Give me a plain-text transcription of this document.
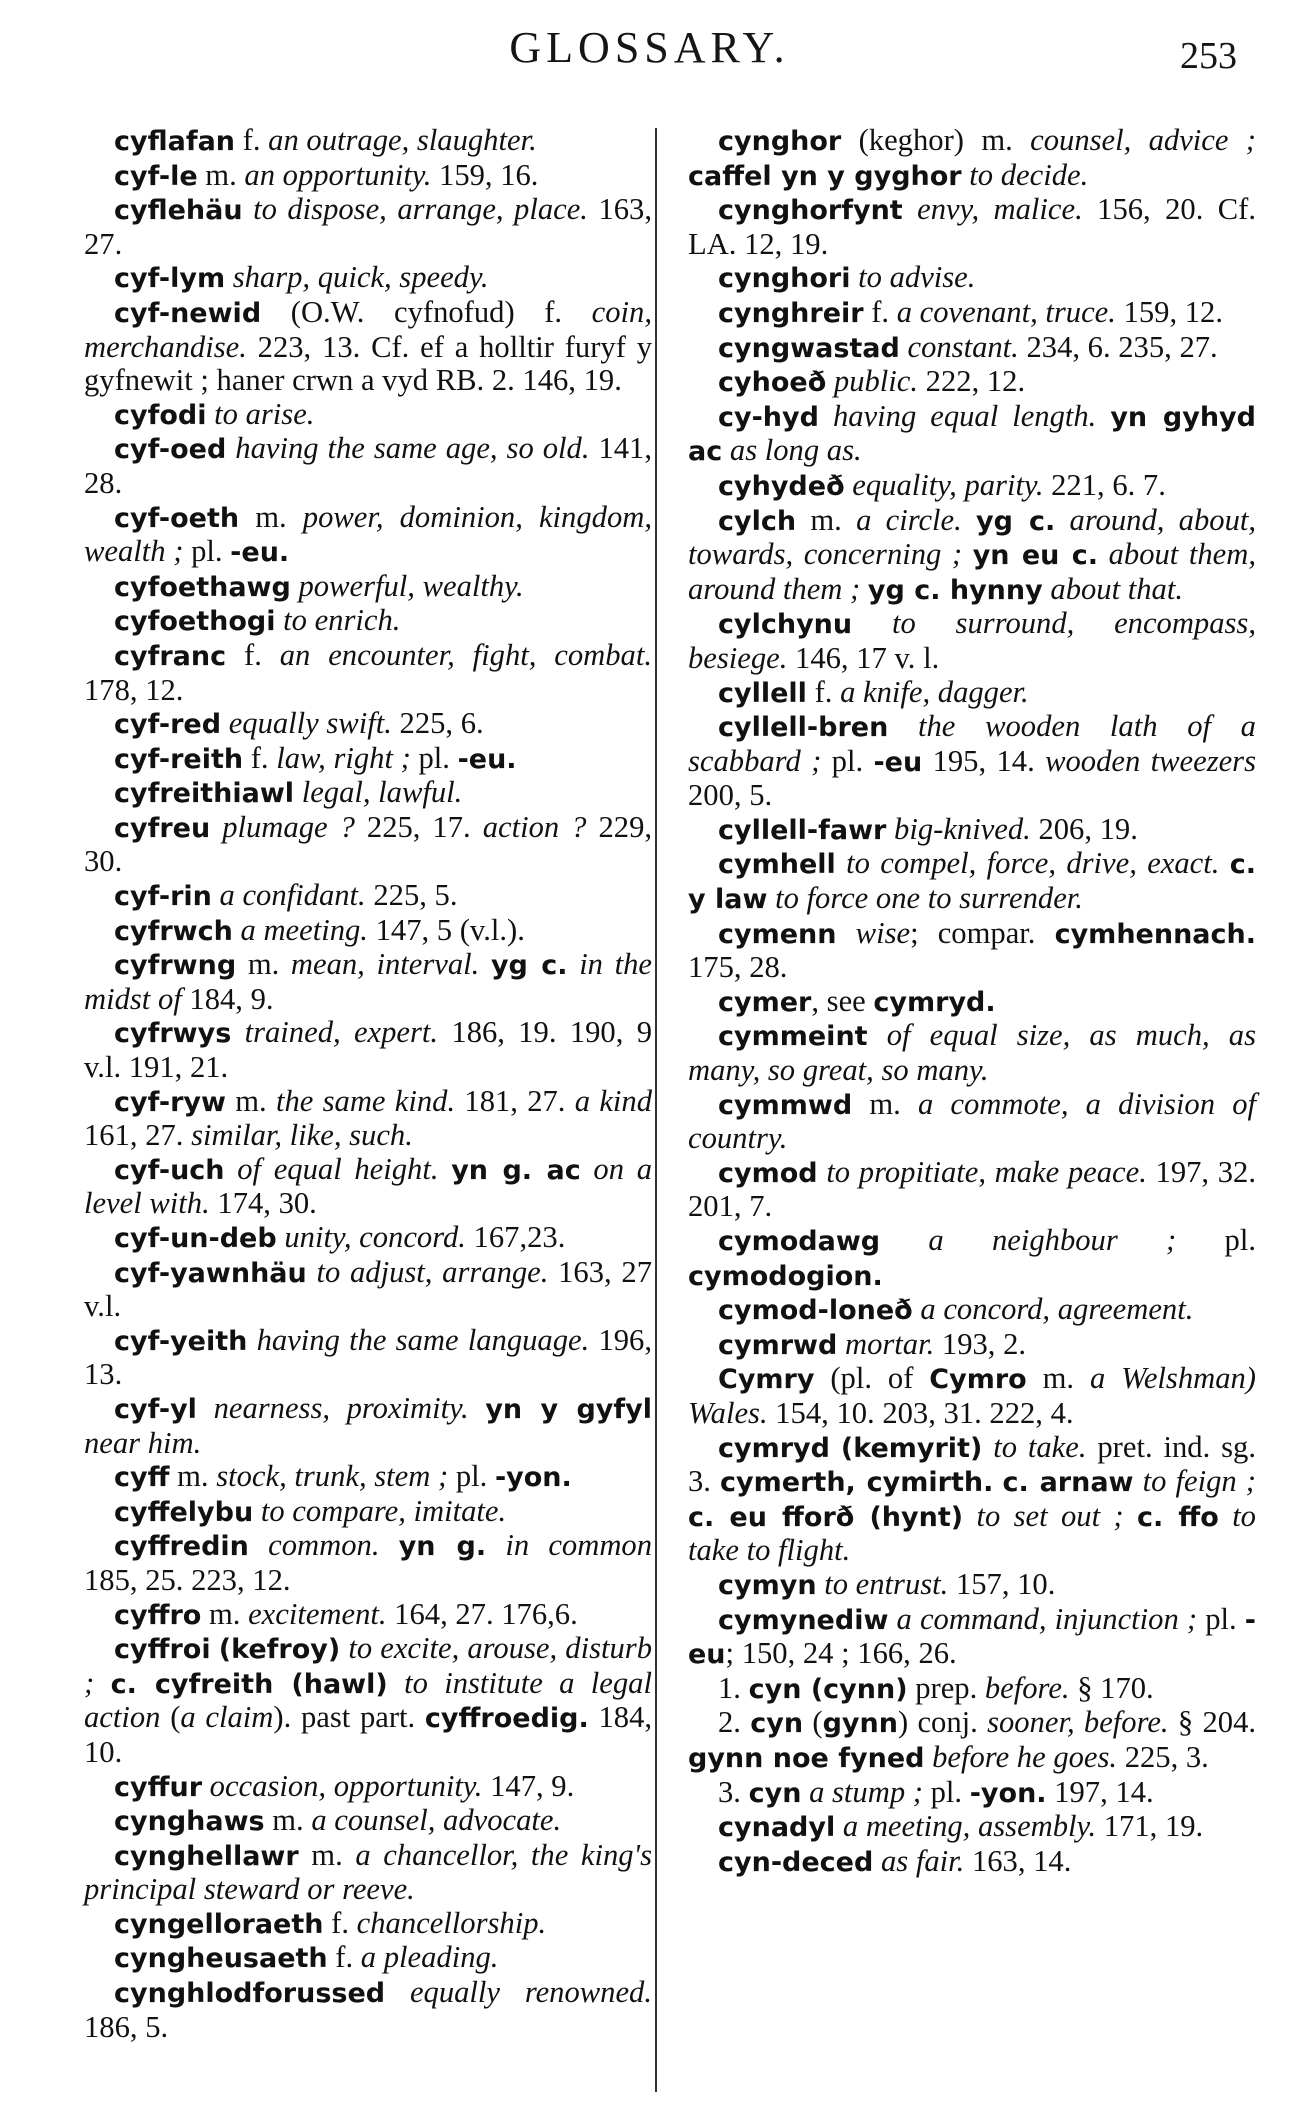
GLOSSARY.	253

cyflafan f. an outrage, slaughter.

cyf-le m. an opportunity. 159, 16.

cyflehäu to dispose, arrange, place. 163, 27.

cyf-lym sharp, quick, speedy.

cyf-newid (O.W. cyfnofud) f. coin, merchandise. 223, 13. Cf. ef a holltir furyf y gyfnewit ; haner crwn a vyd RB. 2. 146, 19.

cyfodi to arise.

cyf-oed having the same age, so old. 141, 28.

cyf-oeth m. power, dominion, kingdom, wealth ; pl. -eu.

cyfoethawg powerful, wealthy.

cyfoethogi to enrich.

cyfranc f. an encounter, fight, combat. 178, 12.

cyf-red equally swift. 225, 6.

cyf-reith f. law, right ; pl. -eu.

cyfreithiawl legal, lawful.

cyfreu plumage ? 225, 17. action ? 229, 30.

cyf-rin a confidant. 225, 5.

cyfrwch a meeting. 147, 5 (v.l.).

cyfrwng m. mean, interval. yg c. in the midst of 184, 9.

cyfrwys trained, expert. 186, 19. 190, 9 v.l. 191, 21.

cyf-ryw m. the same kind. 181, 27. a kind 161, 27. similar, like, such.

cyf-uch of equal height. yn g. ac on a level with. 174, 30.

cyf-un-deb unity, concord. 167,23.

cyf-yawnhäu to adjust, arrange. 163, 27 v.l.

cyf-yeith having the same language. 196, 13.

cyf-yl nearness, proximity. yn y gyfyl near him.

cyff m. stock, trunk, stem ; pl. -yon.

cyffelybu to compare, imitate.

cyffredin common. yn g. in common 185, 25. 223, 12.

cyffro m. excitement. 164, 27. 176,6.

cyffroi (kefroy) to excite, arouse, disturb ; c. cyfreith (hawl) to institute a legal action (a claim). past part. cyffroedig. 184, 10.

cyffur occasion, opportunity. 147, 9.

cynghaws m. a counsel, advocate.

cynghellawr m. a chancellor, the king's principal steward or reeve.

cyngelloraeth f. chancellorship.

cyngheusaeth f. a pleading.

cynghlodforussed equally renowned. 186, 5.

cynghor (keghor) m. counsel, advice ; caffel yn y gyghor to decide.

cynghorfynt envy, malice. 156, 20. Cf. LA. 12, 19.

cynghori to advise.

cynghreir f. a covenant, truce. 159, 12.

cyngwastad constant. 234, 6. 235, 27.

cyhoeð public. 222, 12.

cy-hyd having equal length. yn gyhyd ac as long as.

cyhydeð equality, parity. 221, 6. 7.

cylch m. a circle. yg c. around, about, towards, concerning ; yn eu c. about them, around them ; yg c. hynny about that.

cylchynu to surround, encompass, besiege. 146, 17 v. l.

cyllell f. a knife, dagger.

cyllell-bren the wooden lath of a scabbard ; pl. -eu 195, 14. wooden tweezers 200, 5.

cyllell-fawr big-knived. 206, 19.

cymhell to compel, force, drive, exact. c. y law to force one to surrender.

cymenn wise; compar. cymhennach. 175, 28.

cymer, see cymryd.

cymmeint of equal size, as much, as many, so great, so many.

cymmwd m. a commote, a division of country.

cymod to propitiate, make peace. 197, 32. 201, 7.

cymodawg a neighbour ; pl. cymodogion.

cymod-loneð a concord, agreement.

cymrwd mortar. 193, 2.

Cymry (pl. of Cymro m. a Welshman) Wales. 154, 10. 203, 31. 222, 4.

cymryd (kemyrit) to take. pret. ind. sg. 3. cymerth, cymirth. c. arnaw to feign ; c. eu fforð (hynt) to set out ; c. ffo to take to flight.

cymyn to entrust. 157, 10.

cymynediw a command, injunction ; pl. -eu; 150, 24 ; 166, 26.

1. cyn (cynn) prep. before. § 170.

2. cyn (gynn) conj. sooner, before. § 204. gynn noe fyned before he goes. 225, 3.

3. cyn a stump ; pl. -yon. 197, 14.

cynadyl a meeting, assembly. 171, 19.

cyn-deced as fair. 163, 14.
